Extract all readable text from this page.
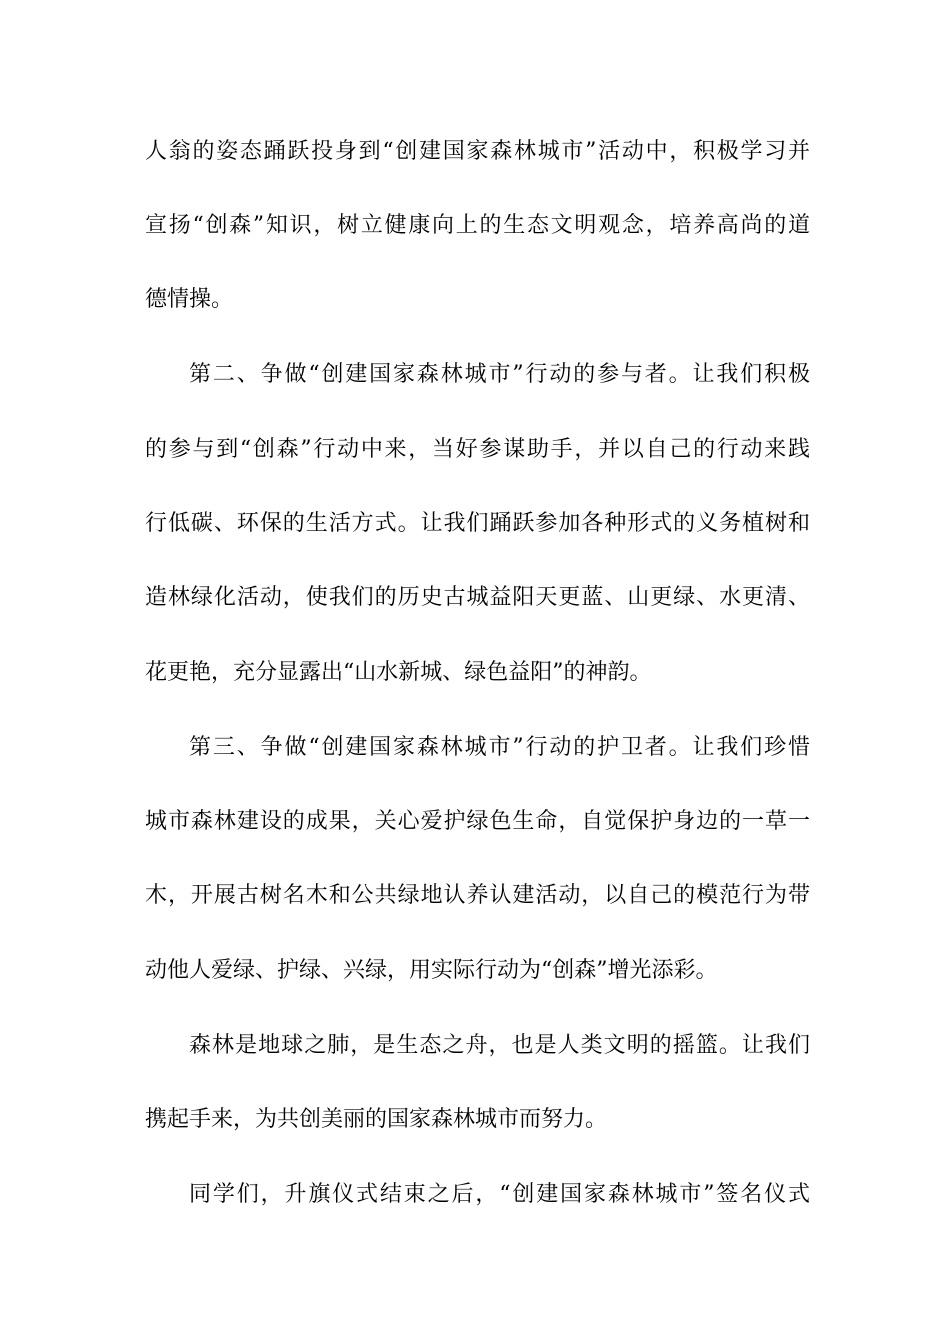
人翁的姿态踊跃投身到“创建国家森林城市”活动中，积极学习并
宣扬“创森”知识，树立健康向上的生态文明观念，培养高尚的道
德情操。
第二、争做“创建国家森林城市”行动的参与者。让我们积极
的参与到“创森”行动中来，当好参谋助手，并以自己的行动来践
行低碳、环保的生活方式。让我们踊跃参加各种形式的义务植树和
造林绿化活动，使我们的历史古城益阳天更蓝、山更绿、水更清、
花更艳，充分显露出“山水新城、绿色益阳”的神韵。
第三、争做“创建国家森林城市”行动的护卫者。让我们珍惜
城市森林建设的成果，关心爱护绿色生命，自觉保护身边的一草一
木，开展古树名木和公共绿地认养认建活动，以自己的模范行为带
动他人爱绿、护绿、兴绿，用实际行动为“创森”增光添彩。
森林是地球之肺，是生态之舟，也是人类文明的摇篮。让我们
携起手来，为共创美丽的国家森林城市而努力。
同学们，升旗仪式结束之后，“创建国家森林城市”签名仪式
